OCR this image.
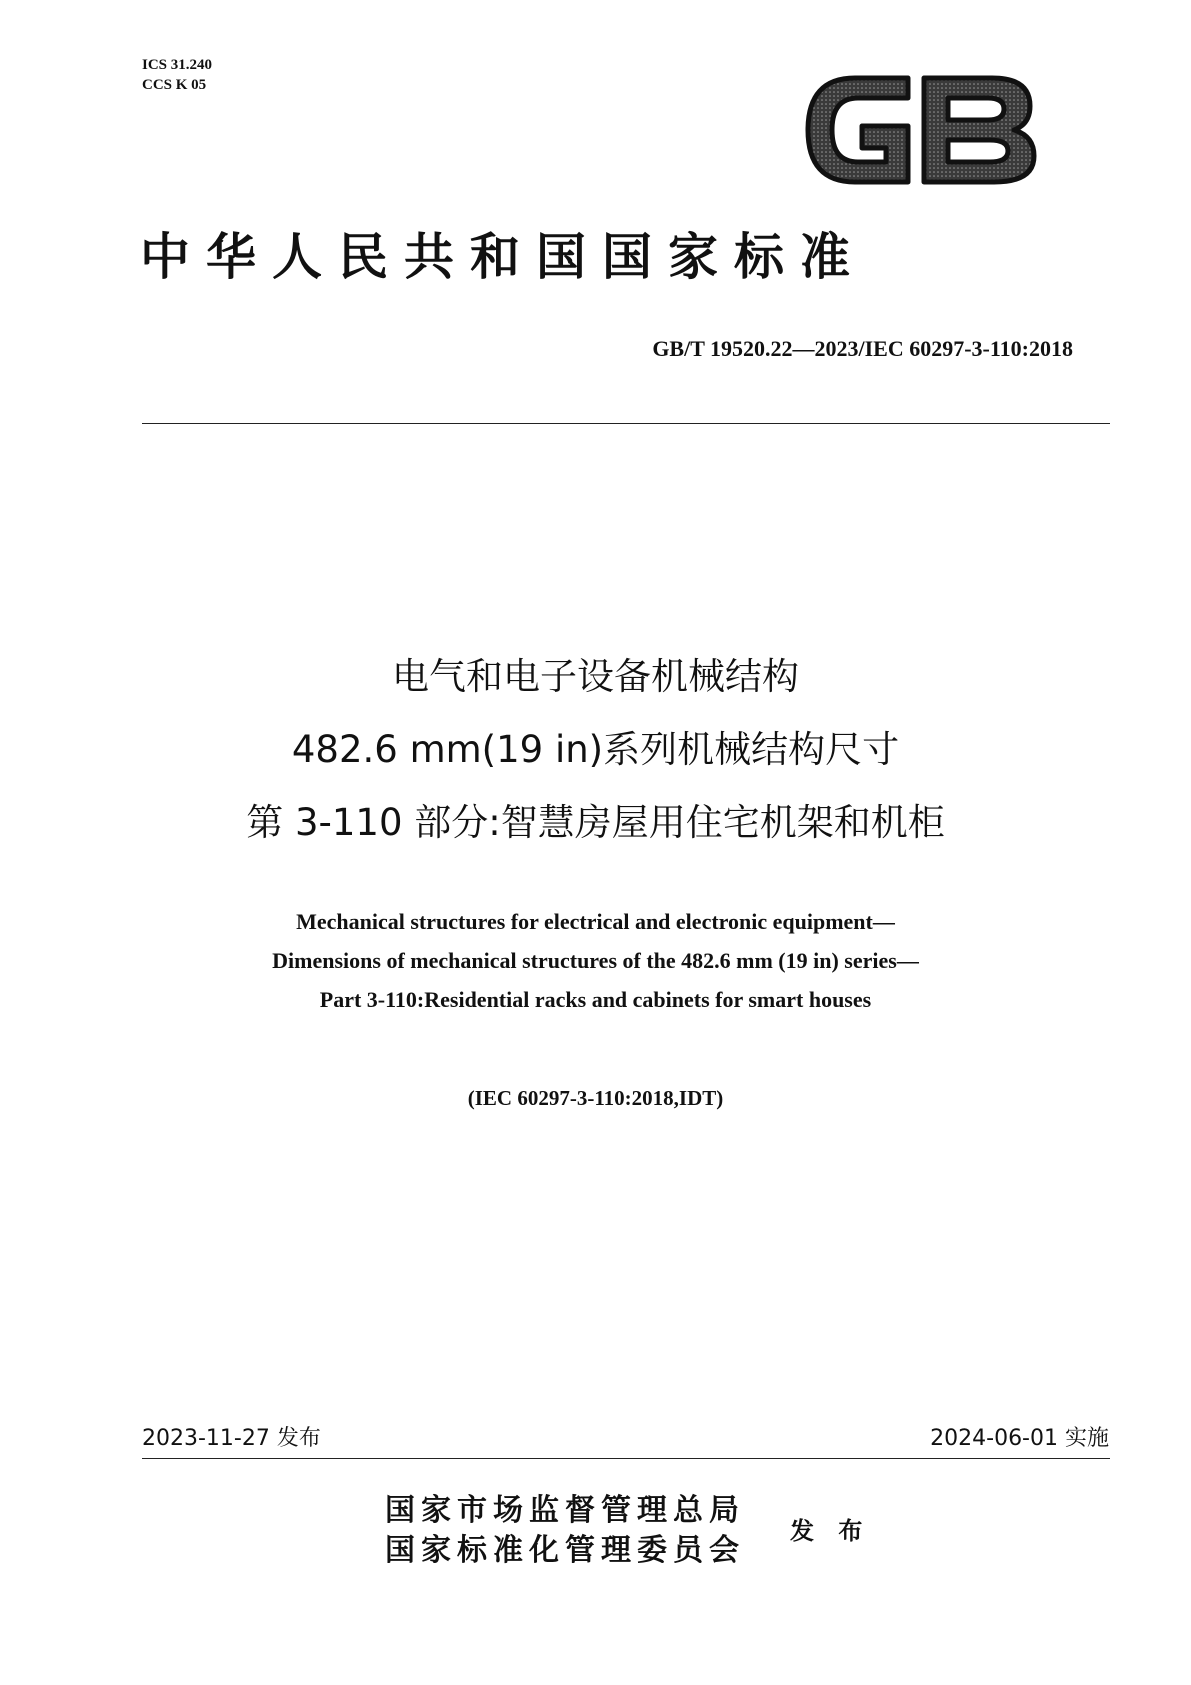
ICS 31.240
CCS K 05
中华人民共和国国家标准
GB/T 19520.22—2023/IEC 60297-3-110:2018
电气和电子设备机械结构
482.6 mm(19 in)系列机械结构尺寸
第 3-110 部分:智慧房屋用住宅机架和机柜
Mechanical structures for electrical and electronic equipment—
Dimensions of mechanical structures of the 482.6 mm (19 in) series—
Part 3-110:Residential racks and cabinets for smart houses
(IEC 60297-3-110:2018,IDT)
2023-11-27 发布	2024-06-01 实施
国家市场监督管理总局
国家标准化管理委员会
发 布
